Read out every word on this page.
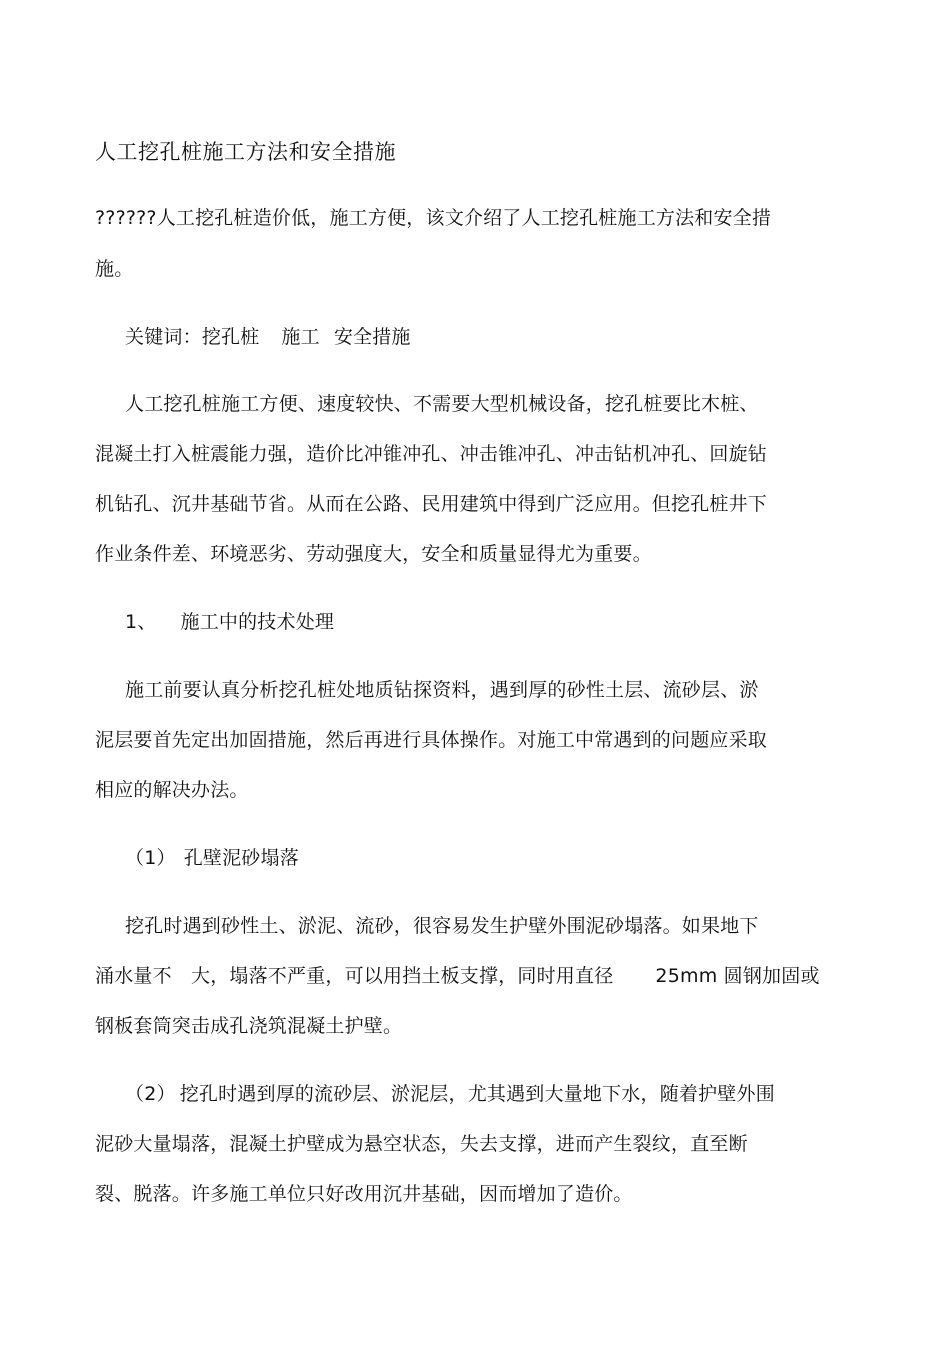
人工挖孔桩施工方法和安全措施
??????人工挖孔桩造价低，施工方便，该文介绍了人工挖孔桩施工方法和安全措
施。
关键词：挖孔桩 施工 安全措施
人工挖孔桩施工方便、速度较快、不需要大型机械设备，挖孔桩要比木桩、
混凝土打入桩震能力强，造价比冲锥冲孔、冲击锥冲孔、冲击钻机冲孔、回旋钻
机钻孔、沉井基础节省。从而在公路、民用建筑中得到广泛应用。但挖孔桩井下
作业条件差、环境恶劣、劳动强度大，安全和质量显得尤为重要。
1、 施工中的技术处理
施工前要认真分析挖孔桩处地质钻探资料，遇到厚的砂性土层、流砂层、淤
泥层要首先定出加固措施，然后再进行具体操作。对施工中常遇到的问题应采取
相应的解决办法。
（1） 孔壁泥砂塌落
挖孔时遇到砂性土、淤泥、流砂，很容易发生护壁外围泥砂塌落。如果地下
涌水量不　大，塌落不严重，可以用挡土板支撑，同时用直径 25mm 圆钢加固或
钢板套筒突击成孔浇筑混凝土护壁。
（2） 挖孔时遇到厚的流砂层、淤泥层，尤其遇到大量地下水，随着护壁外围
泥砂大量塌落，混凝土护壁成为悬空状态，失去支撑，进而产生裂纹，直至断
裂、脱落。许多施工单位只好改用沉井基础，因而增加了造价。
